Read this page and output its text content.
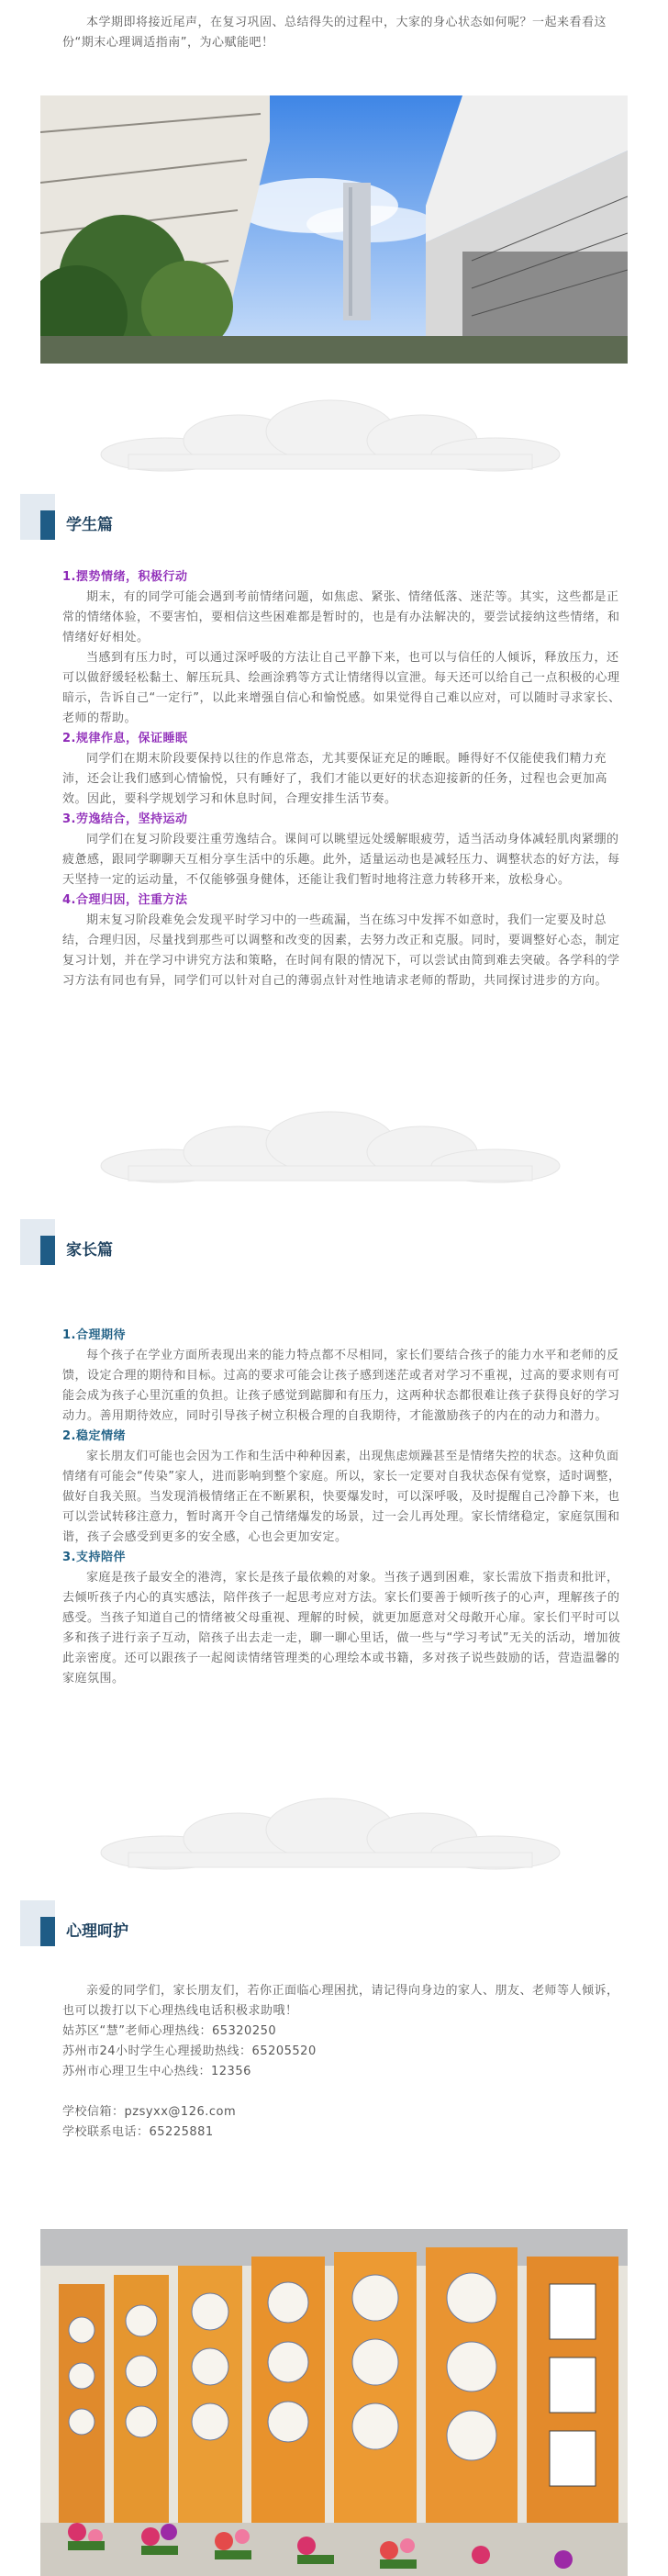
本学期即将接近尾声，在复习巩固、总结得失的过程中，大家的身心状态如何呢？一起来看看这份“期末心理调适指南”，为心赋能吧！

学生篇
1.摆势情绪，积极行动

期末，有的同学可能会遇到考前情绪问题，如焦虑、紧张、情绪低落、迷茫等。其实，这些都是正常的情绪体验，不要害怕，要相信这些困难都是暂时的，也是有办法解决的，要尝试接纳这些情绪，和情绪好好相处。

当感到有压力时，可以通过深呼吸的方法让自己平静下来，也可以与信任的人倾诉，释放压力，还可以做舒缓轻松黏土、解压玩具、绘画涂鸦等方式让情绪得以宣泄。每天还可以给自己一点积极的心理暗示，告诉自己“一定行”，以此来增强自信心和愉悦感。如果觉得自己难以应对，可以随时寻求家长、老师的帮助。

2.规律作息，保证睡眠

同学们在期末阶段要保持以往的作息常态，尤其要保证充足的睡眠。睡得好不仅能使我们精力充沛，还会让我们感到心情愉悦，只有睡好了，我们才能以更好的状态迎接新的任务，过程也会更加高效。因此，要科学规划学习和休息时间，合理安排生活节奏。

3.劳逸结合，坚持运动

同学们在复习阶段要注重劳逸结合。课间可以眺望远处缓解眼疲劳，适当活动身体减轻肌肉紧绷的疲惫感，跟同学聊聊天互相分享生活中的乐趣。此外，适量运动也是减轻压力、调整状态的好方法，每天坚持一定的运动量，不仅能够强身健体，还能让我们暂时地将注意力转移开来，放松身心。

4.合理归因，注重方法

期末复习阶段难免会发现平时学习中的一些疏漏，当在练习中发挥不如意时，我们一定要及时总结，合理归因，尽量找到那些可以调整和改变的因素，去努力改正和克服。同时，要调整好心态，制定复习计划，并在学习中讲究方法和策略，在时间有限的情况下，可以尝试由简到难去突破。各学科的学习方法有同也有异，同学们可以针对自己的薄弱点针对性地请求老师的帮助，共同探讨进步的方向。

家长篇
1.合理期待

每个孩子在学业方面所表现出来的能力特点都不尽相同，家长们要结合孩子的能力水平和老师的反馈，设定合理的期待和目标。过高的要求可能会让孩子感到迷茫或者对学习不重视，过高的要求则有可能会成为孩子心里沉重的负担。让孩子感觉到踮脚和有压力，这两种状态都很难让孩子获得良好的学习动力。善用期待效应，同时引导孩子树立积极合理的自我期待，才能激励孩子的内在的动力和潜力。

2.稳定情绪

家长朋友们可能也会因为工作和生活中种种因素，出现焦虑烦躁甚至是情绪失控的状态。这种负面情绪有可能会“传染”家人，进而影响到整个家庭。所以，家长一定要对自我状态保有觉察，适时调整，做好自我关照。当发现消极情绪正在不断累积，快要爆发时，可以深呼吸，及时提醒自己冷静下来，也可以尝试转移注意力，暂时离开令自己情绪爆发的场景，过一会儿再处理。家长情绪稳定，家庭氛围和谐，孩子会感受到更多的安全感，心也会更加安定。

3.支持陪伴

家庭是孩子最安全的港湾，家长是孩子最依赖的对象。当孩子遇到困难，家长需放下指责和批评，去倾听孩子内心的真实感法，陪伴孩子一起思考应对方法。家长们要善于倾听孩子的心声，理解孩子的感受。当孩子知道自己的情绪被父母重视、理解的时候，就更加愿意对父母敞开心扉。家长们平时可以多和孩子进行亲子互动，陪孩子出去走一走，聊一聊心里话，做一些与“学习考试”无关的活动，增加彼此亲密度。还可以跟孩子一起阅读情绪管理类的心理绘本或书籍，多对孩子说些鼓励的话，营造温馨的家庭氛围。

心理呵护

亲爱的同学们，家长朋友们，若你正面临心理困扰，请记得向身边的家人、朋友、老师等人倾诉，也可以拨打以下心理热线电话积极求助哦！

姑苏区“慧”老师心理热线：65320250

苏州市24小时学生心理援助热线：65205520

苏州市心理卫生中心热线：12356

学校信箱：pzsyxx@126.com

学校联系电话：65225881
